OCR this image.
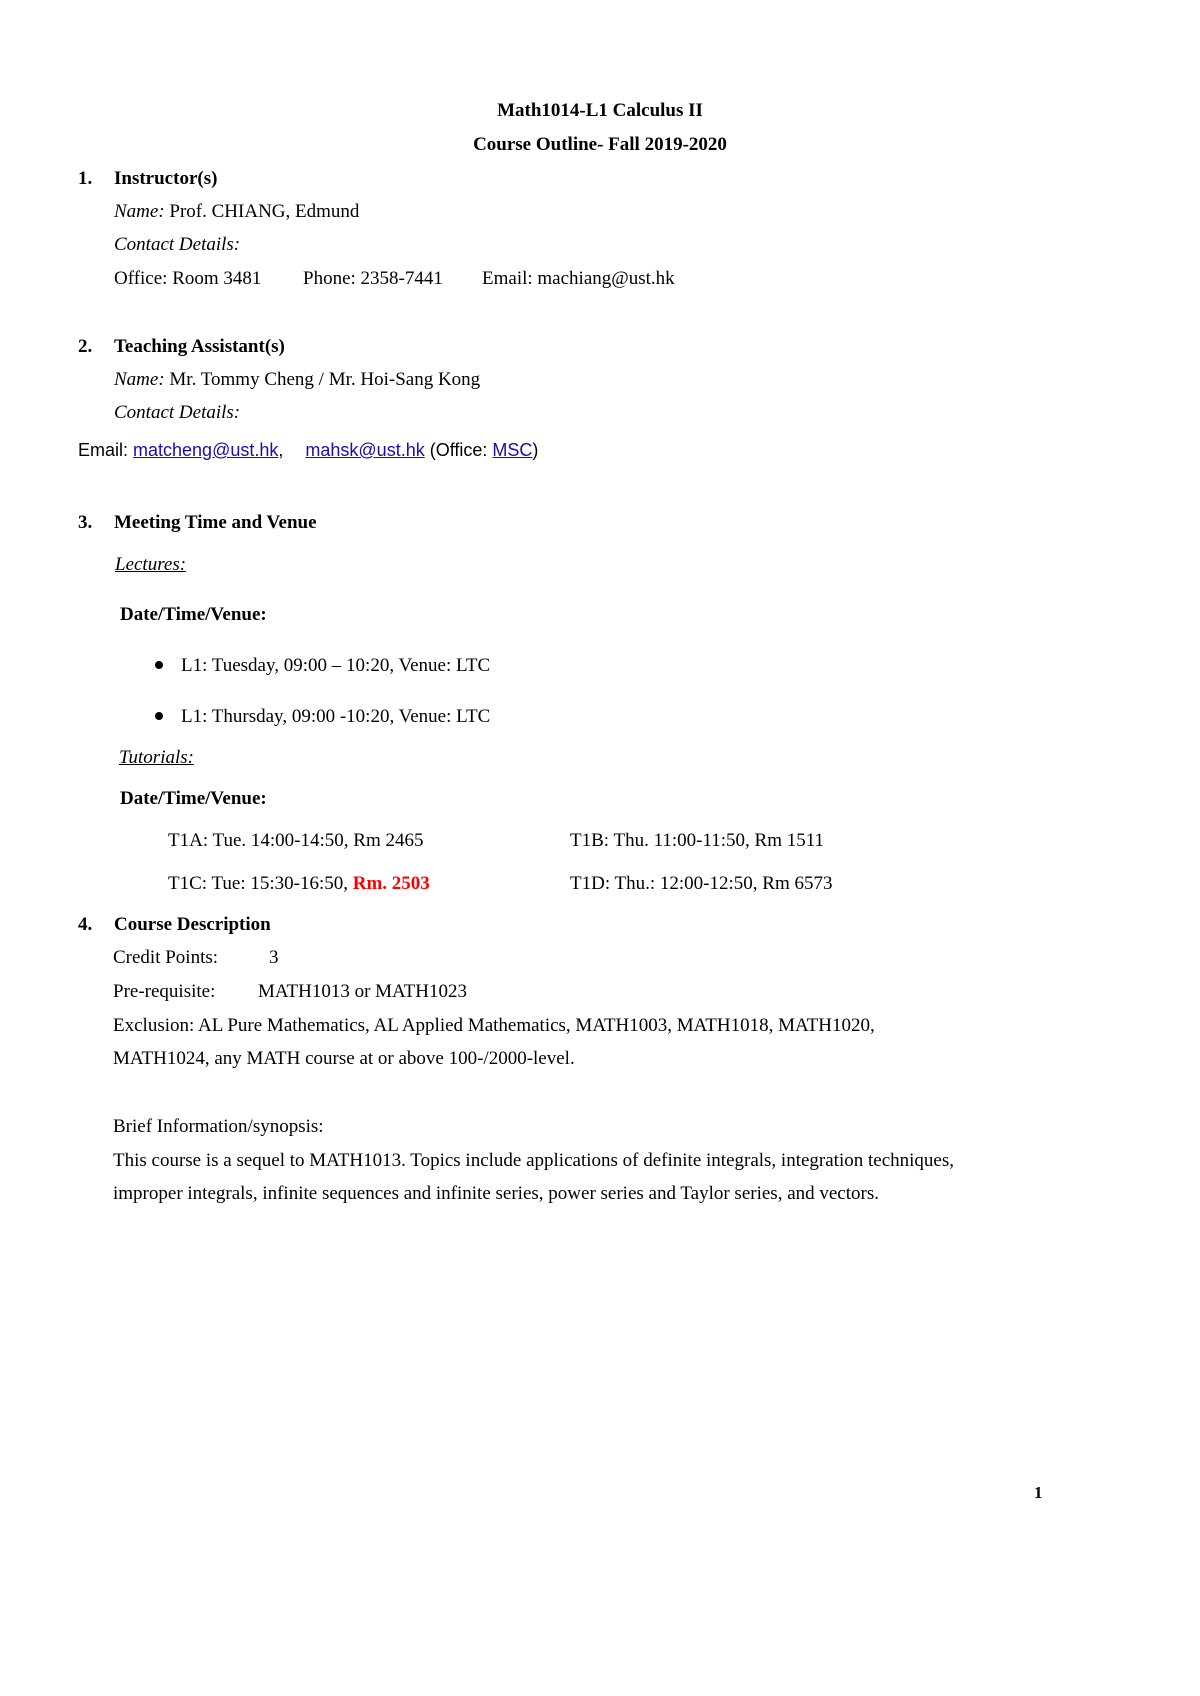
Math1014-L1 Calculus II
Course Outline- Fall 2019-2020
1. Instructor(s)
Name: Prof. CHIANG, Edmund
Contact Details:
Office: Room 3481 Phone: 2358-7441 Email: machiang@ust.hk
2. Teaching Assistant(s)
Name: Mr. Tommy Cheng / Mr. Hoi-Sang Kong
Contact Details:
Email: matcheng@ust.hk, mahsk@ust.hk (Office: MSC)
3. Meeting Time and Venue
Lectures:
Date/Time/Venue:
L1: Tuesday, 09:00 – 10:20, Venue: LTC
L1: Thursday, 09:00 -10:20, Venue: LTC
Tutorials:
Date/Time/Venue:
T1A: Tue. 14:00-14:50, Rm 2465	T1B: Thu. 11:00-11:50, Rm 1511
T1C: Tue: 15:30-16:50, Rm. 2503	T1D: Thu.: 12:00-12:50, Rm 6573
4. Course Description
Credit Points:	3
Pre-requisite: MATH1013 or MATH1023
Exclusion: AL Pure Mathematics, AL Applied Mathematics, MATH1003, MATH1018, MATH1020,
MATH1024, any MATH course at or above 100-/2000-level.
Brief Information/synopsis:
This course is a sequel to MATH1013. Topics include applications of definite integrals, integration techniques,
improper integrals, infinite sequences and infinite series, power series and Taylor series, and vectors.
1
